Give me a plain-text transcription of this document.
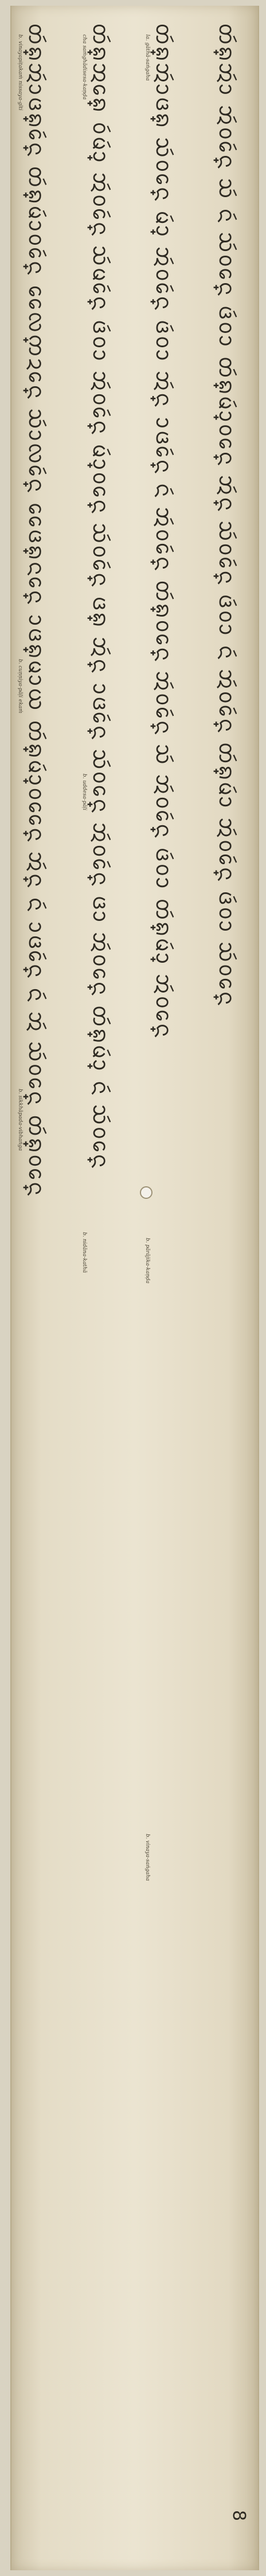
ᨲᩢ᩠ᨦᩋᩢᩣᨴ᩠ᨦᩮᩢ᩠ᨶ ᨲᩢ᩠ᨦᨾᩢᩣᩅᩮᩢ᩠ᨶ ᩯᩃ᩠ᨠᨯᩮ᩠ᨶ ᩈᩢᩣᩃᩮᩢ᩠ᨶ ᩯᨴ᩠ᨦᨶᩮ᩠ᨶ ᩣᨴ᩠ᨦᨾᩣᨿ ᨲᩢ᩠ᨦᨾᩢ᩠ᩣᩅᩯ᩠ᨶ ᩋᩢ᩠ᨶ ᨶᩢ ᩣᨴᩮᩢ᩠ᨶ ᨶᩢ ᩋᩢ ᩈᩢᩅᩮ᩠ᨶ ᨲᩢ᩠ᨦᩅᩮ᩠ᨶ ᨲᩢ᩠ᨦᩋᩮ᩠ᨦ ᩅᩢᨾᩢ᩠ᩣ ᩋᩢᩅᩮᩢ᩠ᨶ ᩈᩢᨾᩮᩢ᩠ᨶ ᨴᩢᩅᩣ ᩋᩢᩅᩮᩢ᩠ᨶ ᨾᩢ᩠ᩣᩅᩮ᩠ᨶ ᩈᩢᩅᩮᩢ᩠ᨶ ᨴ᩠ᨦ ᩋᩢ᩠ᨶ ᩣᨴᩮᩢ᩠ᨶ ᩈᩢᩅᩮ᩠ᨶ ᩋᩢᩅᩮᩢ᩠ᨶ ᨴᩣ ᩋᩢᩅᩮ᩠ᨶ ᨲᩢ᩠ᨦᨾᩢ᩠ᩣ ᨶᩢ ᩈᩢᩅᩮ᩠ᨶ ᨲᩢ᩠ᨦᩋᩢᩣᨴ᩠ᨦ ᩈᩢᩅᩮ᩠ᨶ ᨾᩢ᩠ᩣ ᩋᩢᩅᩮᩢ᩠ᨶ ᨴᩢᩅᩣ ᩋᩢ᩠ᨶ ᩣᨴᩮᩢ᩠ᨶ ᨶᩢ ᩋᩢᩅᩮᩢ᩠ᨶ ᨲᩢ᩠ᨦᩅᩮ᩠ᨶ ᩋᩢᩅᩮᩢ᩠ᨶ ᩈᩢ ᩋᩢᩅᩮᩢ᩠ᨶ ᨴᩢᩅᩣ ᨲᩢ᩠ᨦᨾᩢ᩠ᩣ ᩋᩢᩅᩮ᩠ᨶ ᨲᩢ᩠ᨦᩋᩢᩣ ᩋᩢᩅᩮᩢ᩠ᨶ ᩈᩢ ᨶᩢ ᩈᩢᩅᩮ᩠ᨶ ᨴᩢᩅᩣ ᨲᩢ᩠ᨦᨾᩢ᩠ᩣᩅᩮ᩠ᨶ ᩋᩢ᩠ᨶ ᩈᩢᩅᩮᩢ᩠ᨶ ᨴᩢᩅᩣ ᨶᩢ ᩋᩢᩅᩮᩢ᩠ᨶ ᨲᩢ᩠ᨦᨾᩢᩣ ᩋᩢᩅᩮᩢ᩠ᨶ ᨴᩢᩅᩣ ᩈᩢᩅᩮ᩠ᨶ
b. vinayapiṭakaṁ nissaya-gīti
b. cuṇṇiya-pāḷi ekaṁ
b. sikkhāpada-vibhaṅga
cha saṁghādisesa-kaṇḍa
b. uddesa-pāḷi
b. nidāna-kathā
la. gāthā-saṅgaha
b. pārājika-kaṇḍa
b. vinaya-saṅgaha
8
